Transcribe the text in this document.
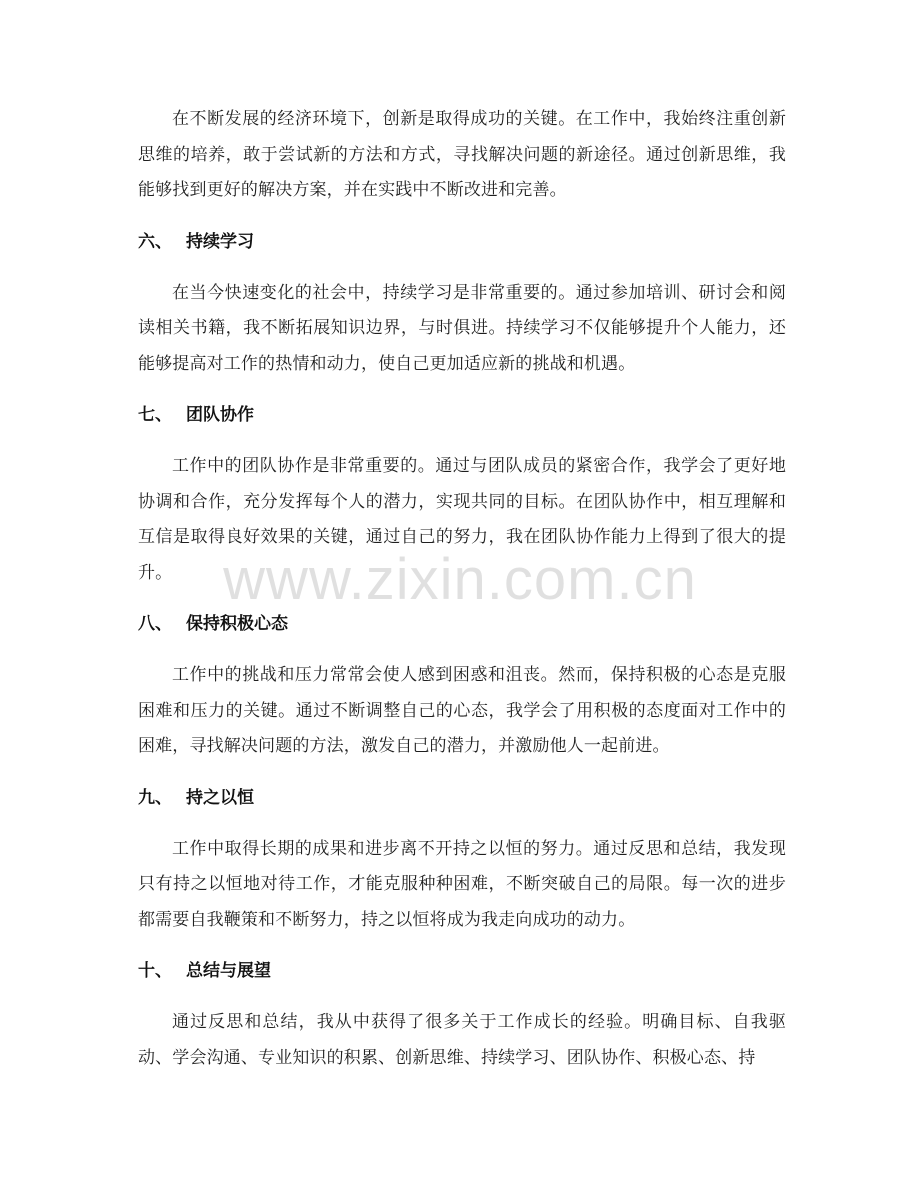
在不断发展的经济环境下，创新是取得成功的关键。在工作中，我始终注重创新思维的培养，敢于尝试新的方法和方式，寻找解决问题的新途径。通过创新思维，我能够找到更好的解决方案，并在实践中不断改进和完善。

六、 持续学习

在当今快速变化的社会中，持续学习是非常重要的。通过参加培训、研讨会和阅读相关书籍，我不断拓展知识边界，与时俱进。持续学习不仅能够提升个人能力，还能够提高对工作的热情和动力，使自己更加适应新的挑战和机遇。

七、 团队协作

工作中的团队协作是非常重要的。通过与团队成员的紧密合作，我学会了更好地协调和合作，充分发挥每个人的潜力，实现共同的目标。在团队协作中，相互理解和互信是取得良好效果的关键，通过自己的努力，我在团队协作能力上得到了很大的提升。

八、 保持积极心态

工作中的挑战和压力常常会使人感到困惑和沮丧。然而，保持积极的心态是克服困难和压力的关键。通过不断调整自己的心态，我学会了用积极的态度面对工作中的困难，寻找解决问题的方法，激发自己的潜力，并激励他人一起前进。

九、 持之以恒

工作中取得长期的成果和进步离不开持之以恒的努力。通过反思和总结，我发现只有持之以恒地对待工作，才能克服种种困难，不断突破自己的局限。每一次的进步都需要自我鞭策和不断努力，持之以恒将成为我走向成功的动力。

十、 总结与展望

通过反思和总结，我从中获得了很多关于工作成长的经验。明确目标、自我驱动、学会沟通、专业知识的积累、创新思维、持续学习、团队协作、积极心态、持

www.zixin.com.cn
